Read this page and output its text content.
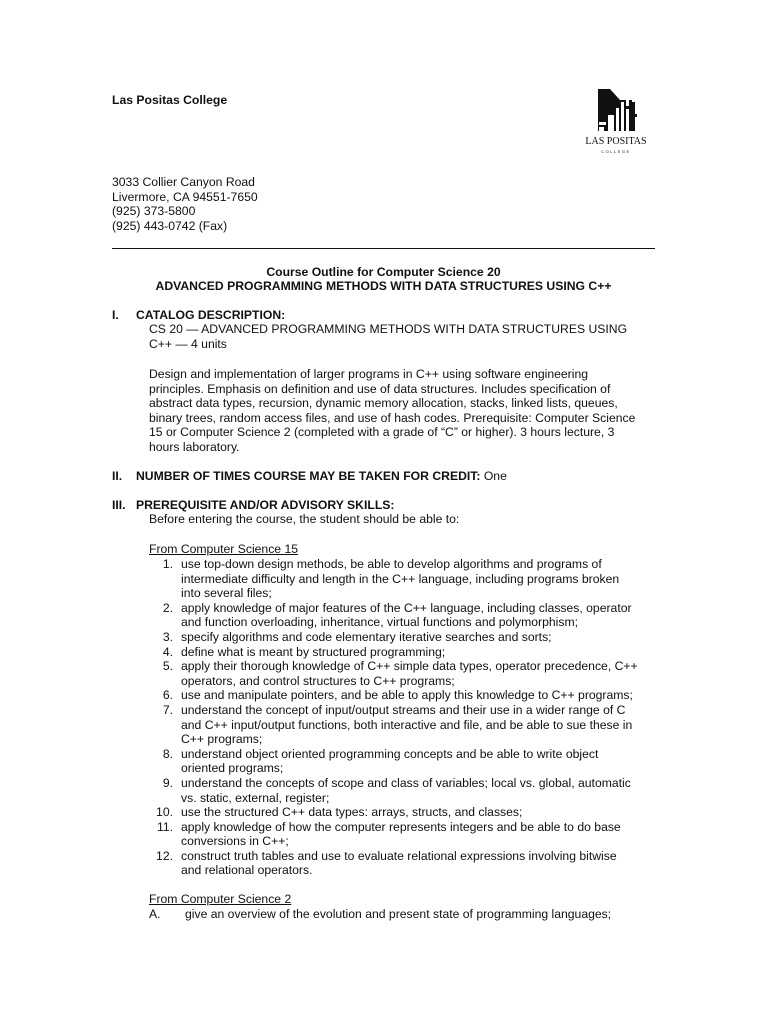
Las Positas College
LAS POSITAS
COLLEGE
3033 Collier Canyon Road
Livermore, CA 94551-7650
(925) 373-5800
(925) 443-0742 (Fax)
Course Outline for Computer Science 20
ADVANCED PROGRAMMING METHODS WITH DATA STRUCTURES USING C++
I. CATALOG DESCRIPTION:
CS 20 — ADVANCED PROGRAMMING METHODS WITH DATA STRUCTURES USING
C++ — 4 units
Design and implementation of larger programs in C++ using software engineering
principles. Emphasis on definition and use of data structures. Includes specification of
abstract data types, recursion, dynamic memory allocation, stacks, linked lists, queues,
binary trees, random access files, and use of hash codes. Prerequisite: Computer Science
15 or Computer Science 2 (completed with a grade of “C” or higher). 3 hours lecture, 3
hours laboratory.
II. NUMBER OF TIMES COURSE MAY BE TAKEN FOR CREDIT: One
III. PREREQUISITE AND/OR ADVISORY SKILLS:
Before entering the course, the student should be able to:
From Computer Science 15
1. use top-down design methods, be able to develop algorithms and programs of
intermediate difficulty and length in the C++ language, including programs broken
into several files;
2. apply knowledge of major features of the C++ language, including classes, operator
and function overloading, inheritance, virtual functions and polymorphism;
3. specify algorithms and code elementary iterative searches and sorts;
4. define what is meant by structured programming;
5. apply their thorough knowledge of C++ simple data types, operator precedence, C++
operators, and control structures to C++ programs;
6. use and manipulate pointers, and be able to apply this knowledge to C++ programs;
7. understand the concept of input/output streams and their use in a wider range of C
and C++ input/output functions, both interactive and file, and be able to sue these in
C++ programs;
8. understand object oriented programming concepts and be able to write object
oriented programs;
9. understand the concepts of scope and class of variables; local vs. global, automatic
vs. static, external, register;
10. use the structured C++ data types: arrays, structs, and classes;
11. apply knowledge of how the computer represents integers and be able to do base
conversions in C++;
12. construct truth tables and use to evaluate relational expressions involving bitwise
and relational operators.
From Computer Science 2
A. give an overview of the evolution and present state of programming languages;
